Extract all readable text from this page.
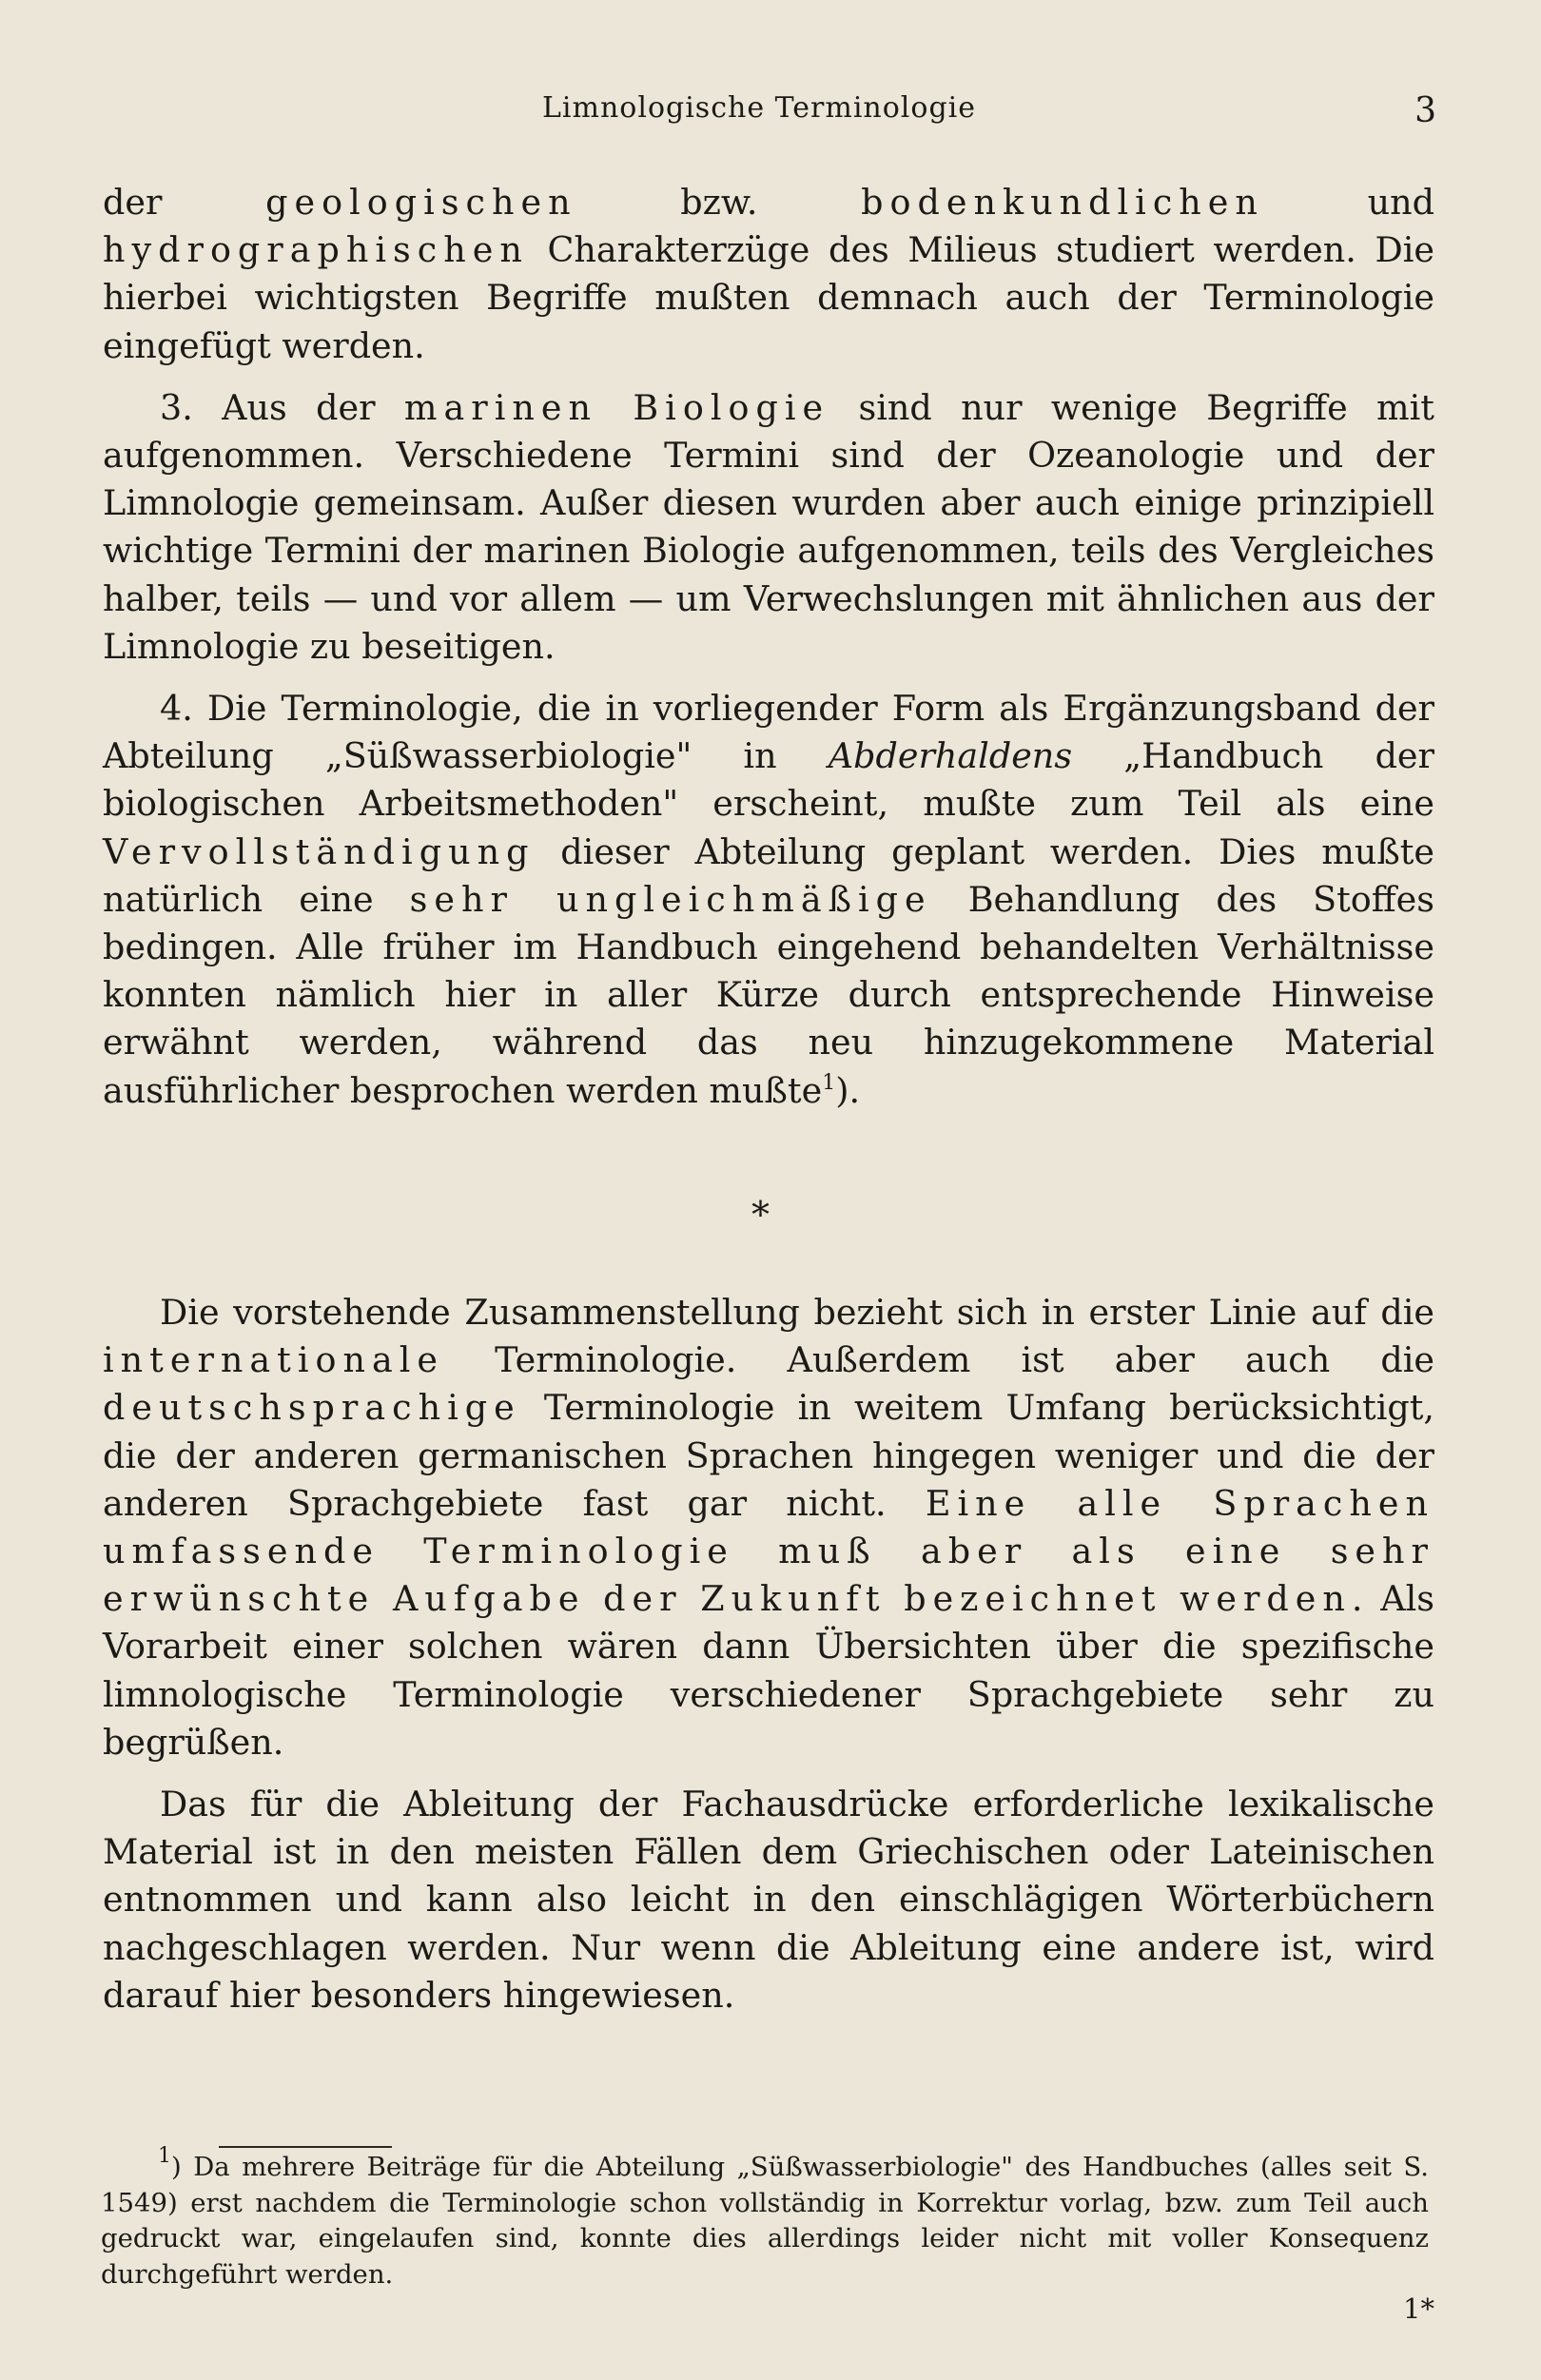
Limnologische Terminologie	3

der geologischen bzw. bodenkundlichen und hydrographischen Charakterzüge des Milieus studiert werden. Die hierbei wichtigsten Begriffe mußten demnach auch der Terminologie eingefügt werden.

3. Aus der marinen Biologie sind nur wenige Begriffe mit aufgenommen. Verschiedene Termini sind der Ozeanologie und der Limnologie gemeinsam. Außer diesen wurden aber auch einige prinzipiell wichtige Termini der marinen Biologie aufgenommen, teils des Vergleiches halber, teils — und vor allem — um Verwechslungen mit ähnlichen aus der Limnologie zu beseitigen.

4. Die Terminologie, die in vorliegender Form als Ergänzungsband der Abteilung „Süßwasserbiologie" in Abderhaldens „Handbuch der biologischen Arbeitsmethoden" erscheint, mußte zum Teil als eine Vervollständigung dieser Abteilung geplant werden. Dies mußte natürlich eine sehr ungleichmäßige Behandlung des Stoffes bedingen. Alle früher im Handbuch eingehend behandelten Verhältnisse konnten nämlich hier in aller Kürze durch entsprechende Hinweise erwähnt werden, während das neu hinzugekommene Material ausführlicher besprochen werden mußte$^1$).

*

Die vorstehende Zusammenstellung bezieht sich in erster Linie auf die internationale Terminologie. Außerdem ist aber auch die deutschsprachige Terminologie in weitem Umfang berücksichtigt, die der anderen germanischen Sprachen hingegen weniger und die der anderen Sprachgebiete fast gar nicht. Eine alle Sprachen umfassende Terminologie muß aber als eine sehr erwünschte Aufgabe der Zukunft bezeichnet werden. Als Vorarbeit einer solchen wären dann Übersichten über die spezifische limnologische Terminologie verschiedener Sprachgebiete sehr zu begrüßen.

Das für die Ableitung der Fachausdrücke erforderliche lexikalische Material ist in den meisten Fällen dem Griechischen oder Lateinischen entnommen und kann also leicht in den einschlägigen Wörterbüchern nachgeschlagen werden. Nur wenn die Ableitung eine andere ist, wird darauf hier besonders hingewiesen.

$^1$) Da mehrere Beiträge für die Abteilung „Süßwasserbiologie" des Handbuches (alles seit S. 1549) erst nachdem die Terminologie schon vollständig in Korrektur vorlag, bzw. zum Teil auch gedruckt war, eingelaufen sind, konnte dies allerdings leider nicht mit voller Konsequenz durchgeführt werden.

1*
